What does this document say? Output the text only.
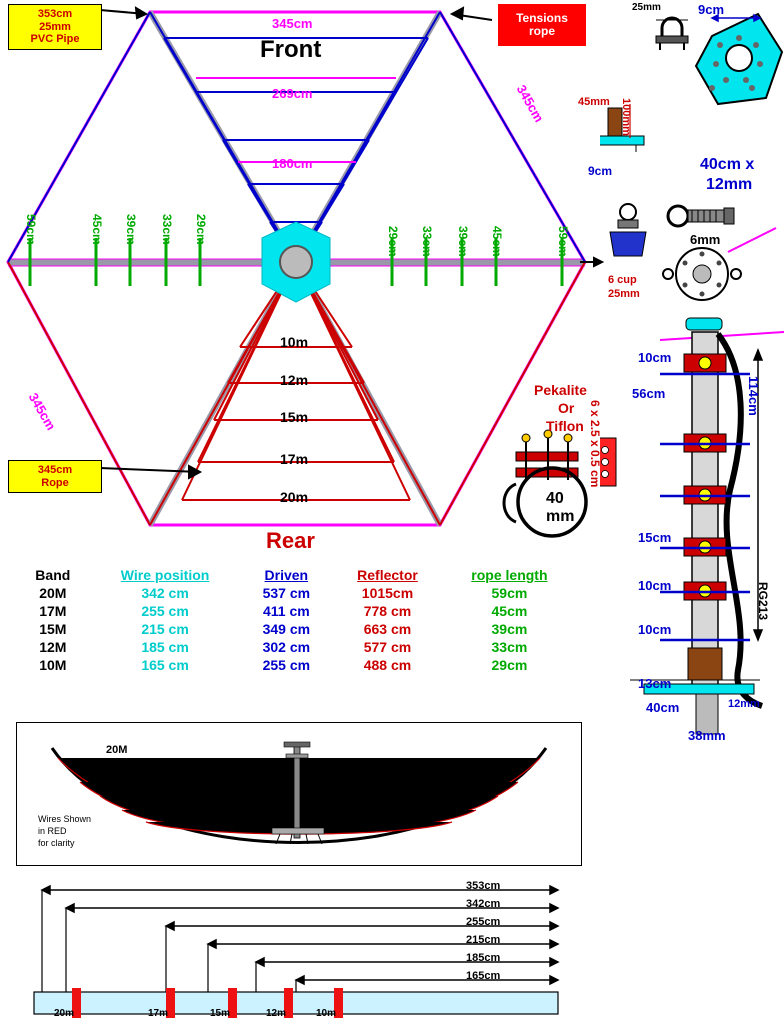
353cm
25mm
PVC Pipe
345cm
Rope
Tensions
rope
345cm
Front
269cm
180cm
345cm
345cm
59cm	45cm 39cm 33cm 29cm	29cm 33cm 39cm 45cm	59cm
10m
12m
15m
17m
20m
Rear
25mm	9cm
45mm 100mm
9cm	40cm x
12mm
6mm
6 cup
25mm
10cm
56cm
15cm
10cm
10cm
13cm
114cm
6 x 2.5 x 0.5 cm
RG213
40cm	12mm
38mm
Pekalite
Or
Tiflon
40
mm
Band	Wire position	Driven	Reflector	rope length
20M	342 cm	537 cm	1015cm	59cm
17M	255 cm	411 cm	778 cm	45cm
15M	215 cm	349 cm	663 cm	39cm
12M	185 cm	302 cm	577 cm	33cm
10M	165 cm	255 cm	488 cm	29cm
20M
17M
15M
12M
10M
Wires Shown
in RED
for clarity
353cm
342cm
255cm
215cm
185cm
165cm
20m	17m	15m	12m	10m
